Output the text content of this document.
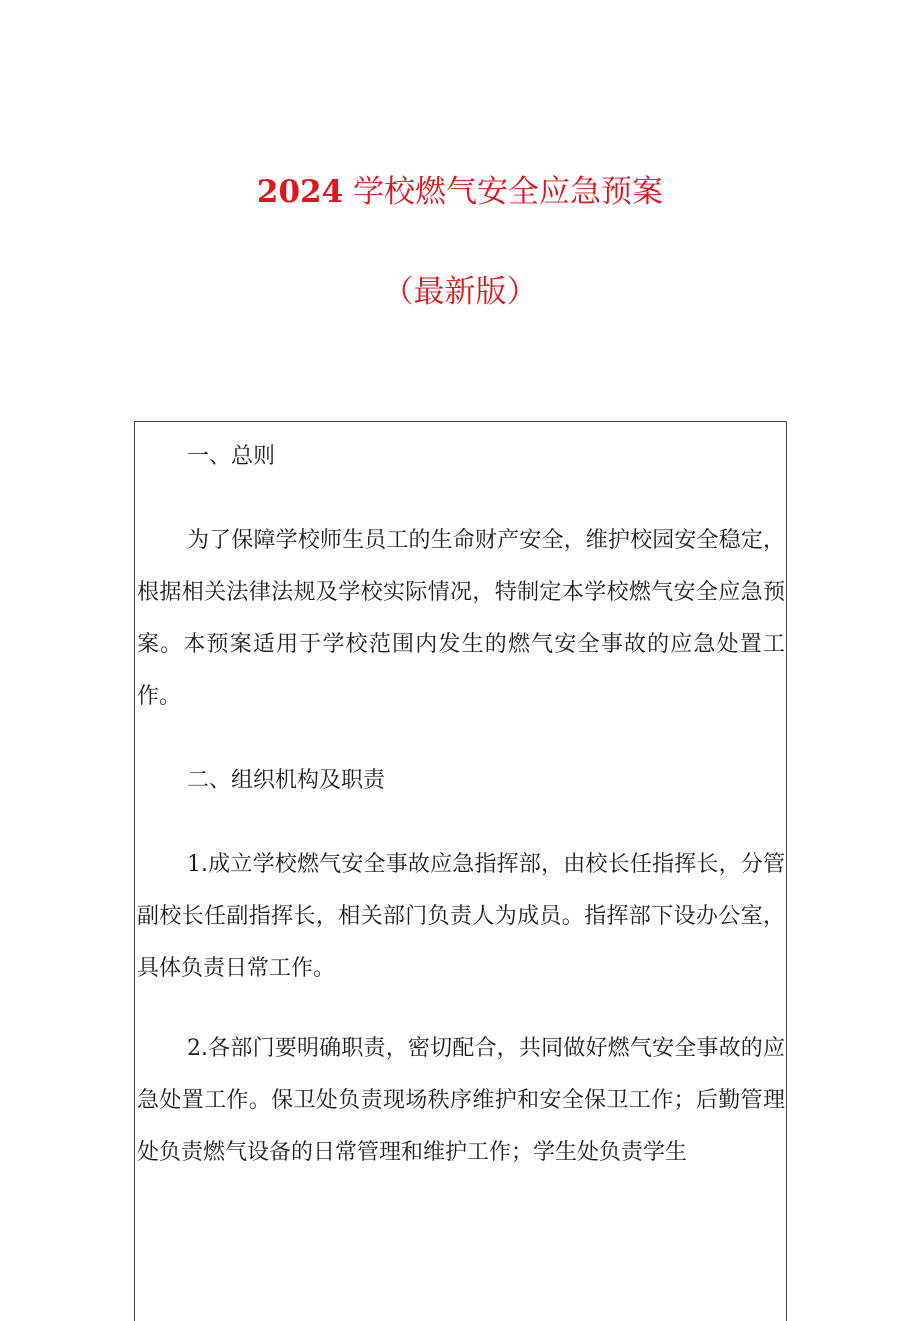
2024 学校燃气安全应急预案
（最新版）

一、总则

为了保障学校师生员工的生命财产安全，维护校园安全稳定，根据相关法律法规及学校实际情况，特制定本学校燃气安全应急预案。本预案适用于学校范围内发生的燃气安全事故的应急处置工作。

二、组织机构及职责

1.成立学校燃气安全事故应急指挥部，由校长任指挥长，分管副校长任副指挥长，相关部门负责人为成员。指挥部下设办公室，具体负责日常工作。

2.各部门要明确职责，密切配合，共同做好燃气安全事故的应急处置工作。保卫处负责现场秩序维护和安全保卫工作；后勤管理处负责燃气设备的日常管理和维护工作；学生处负责学生
